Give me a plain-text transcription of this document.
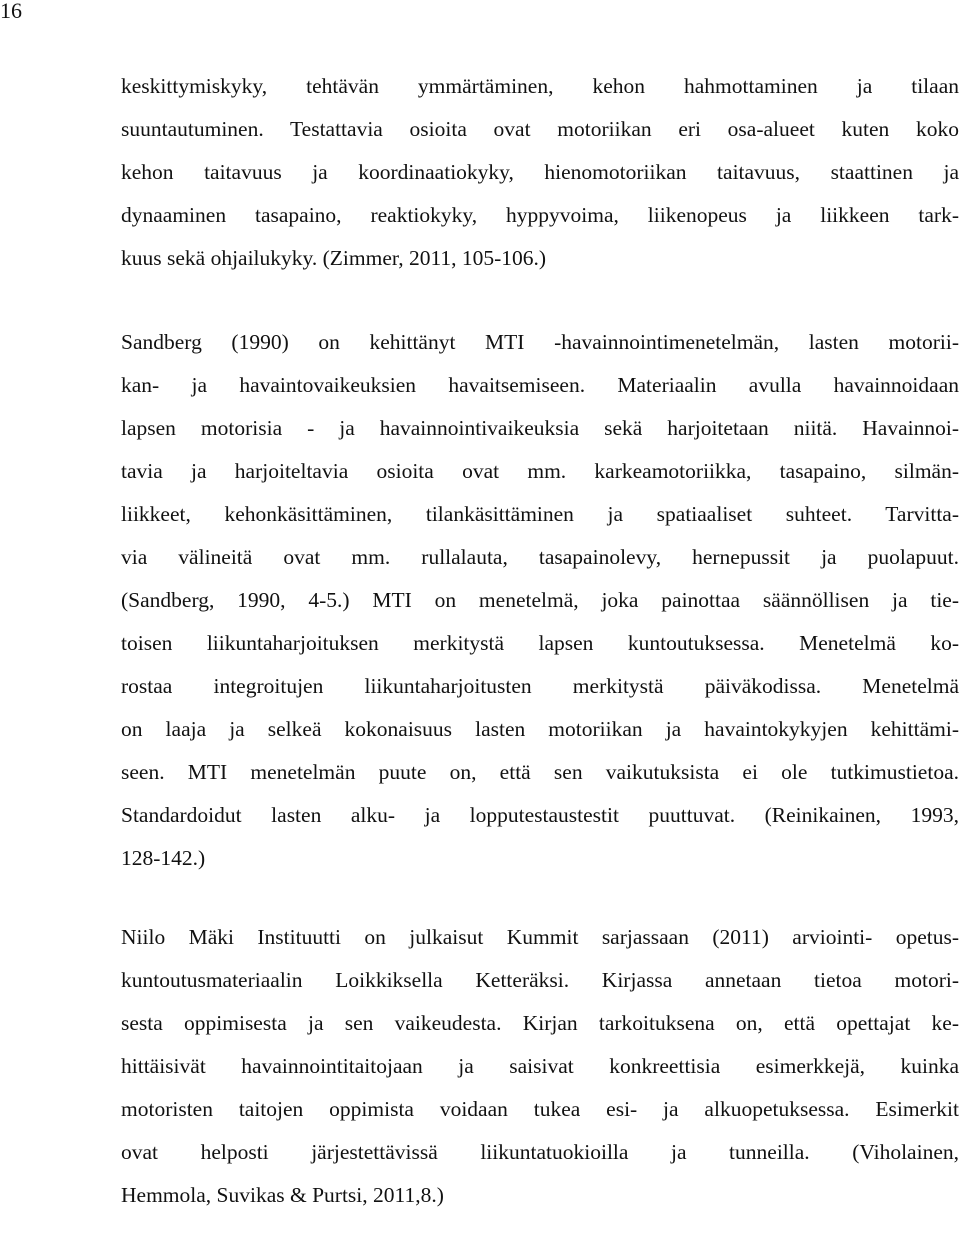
16
keskittymiskyky, tehtävän ymmärtäminen, kehon hahmottaminen ja tilaan
suuntautuminen. Testattavia osioita ovat motoriikan eri osa-alueet kuten koko
kehon taitavuus ja koordinaatiokyky, hienomotoriikan taitavuus, staattinen ja
dynaaminen tasapaino, reaktiokyky, hyppyvoima, liikenopeus ja liikkeen tark-
kuus sekä ohjailukyky. (Zimmer, 2011, 105-106.)
Sandberg (1990) on kehittänyt MTI -havainnointimenetelmän, lasten motorii-
kan- ja havaintovaikeuksien havaitsemiseen. Materiaalin avulla havainnoidaan
lapsen motorisia - ja havainnointivaikeuksia sekä harjoitetaan niitä. Havainnoi-
tavia ja harjoiteltavia osioita ovat mm. karkeamotoriikka, tasapaino, silmän-
liikkeet, kehonkäsittäminen, tilankäsittäminen ja spatiaaliset suhteet. Tarvitta-
via välineitä ovat mm. rullalauta, tasapainolevy, hernepussit ja puolapuut.
(Sandberg, 1990, 4-5.) MTI on menetelmä, joka painottaa säännöllisen ja tie-
toisen liikuntaharjoituksen merkitystä lapsen kuntoutuksessa. Menetelmä ko-
rostaa integroitujen liikuntaharjoitusten merkitystä päiväkodissa. Menetelmä
on laaja ja selkeä kokonaisuus lasten motoriikan ja havaintokykyjen kehittämi-
seen. MTI menetelmän puute on, että sen vaikutuksista ei ole tutkimustietoa.
Standardoidut lasten alku- ja lopputestaustestit puuttuvat. (Reinikainen, 1993,
128-142.)
Niilo Mäki Instituutti on julkaisut Kummit sarjassaan (2011) arviointi- opetus-
kuntoutusmateriaalin Loikkiksella Ketteräksi. Kirjassa annetaan tietoa motori-
sesta oppimisesta ja sen vaikeudesta. Kirjan tarkoituksena on, että opettajat ke-
hittäisivät havainnointitaitojaan ja saisivat konkreettisia esimerkkejä, kuinka
motoristen taitojen oppimista voidaan tukea esi- ja alkuopetuksessa. Esimerkit
ovat helposti järjestettävissä liikuntatuokioilla ja tunneilla. (Viholainen,
Hemmola, Suvikas & Purtsi, 2011,8.)
